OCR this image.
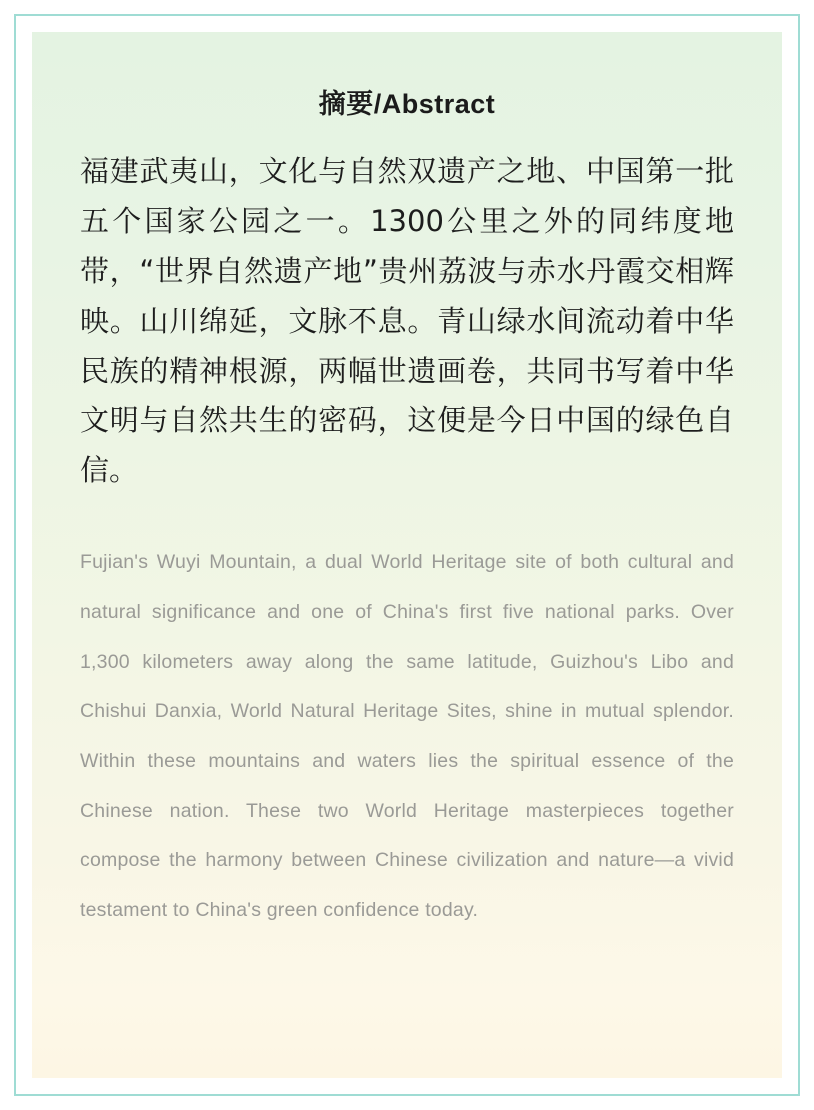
摘要/Abstract

福建武夷山，文化与自然双遗产之地、中国第一批五个国家公园之一。1300公里之外的同纬度地带，“世界自然遗产地”贵州荔波与赤水丹霞交相辉映。山川绵延，文脉不息。青山绿水间流动着中华民族的精神根源，两幅世遗画卷，共同书写着中华文明与自然共生的密码，这便是今日中国的绿色自信。

Fujian's Wuyi Mountain, a dual World Heritage site of both cultural and natural significance and one of China's first five national parks. Over 1,300 kilometers away along the same latitude, Guizhou's Libo and Chishui Danxia, World Natural Heritage Sites, shine in mutual splendor. Within these mountains and waters lies the spiritual essence of the Chinese nation. These two World Heritage masterpieces together compose the harmony between Chinese civilization and nature—a vivid testament to China's green confidence today.
